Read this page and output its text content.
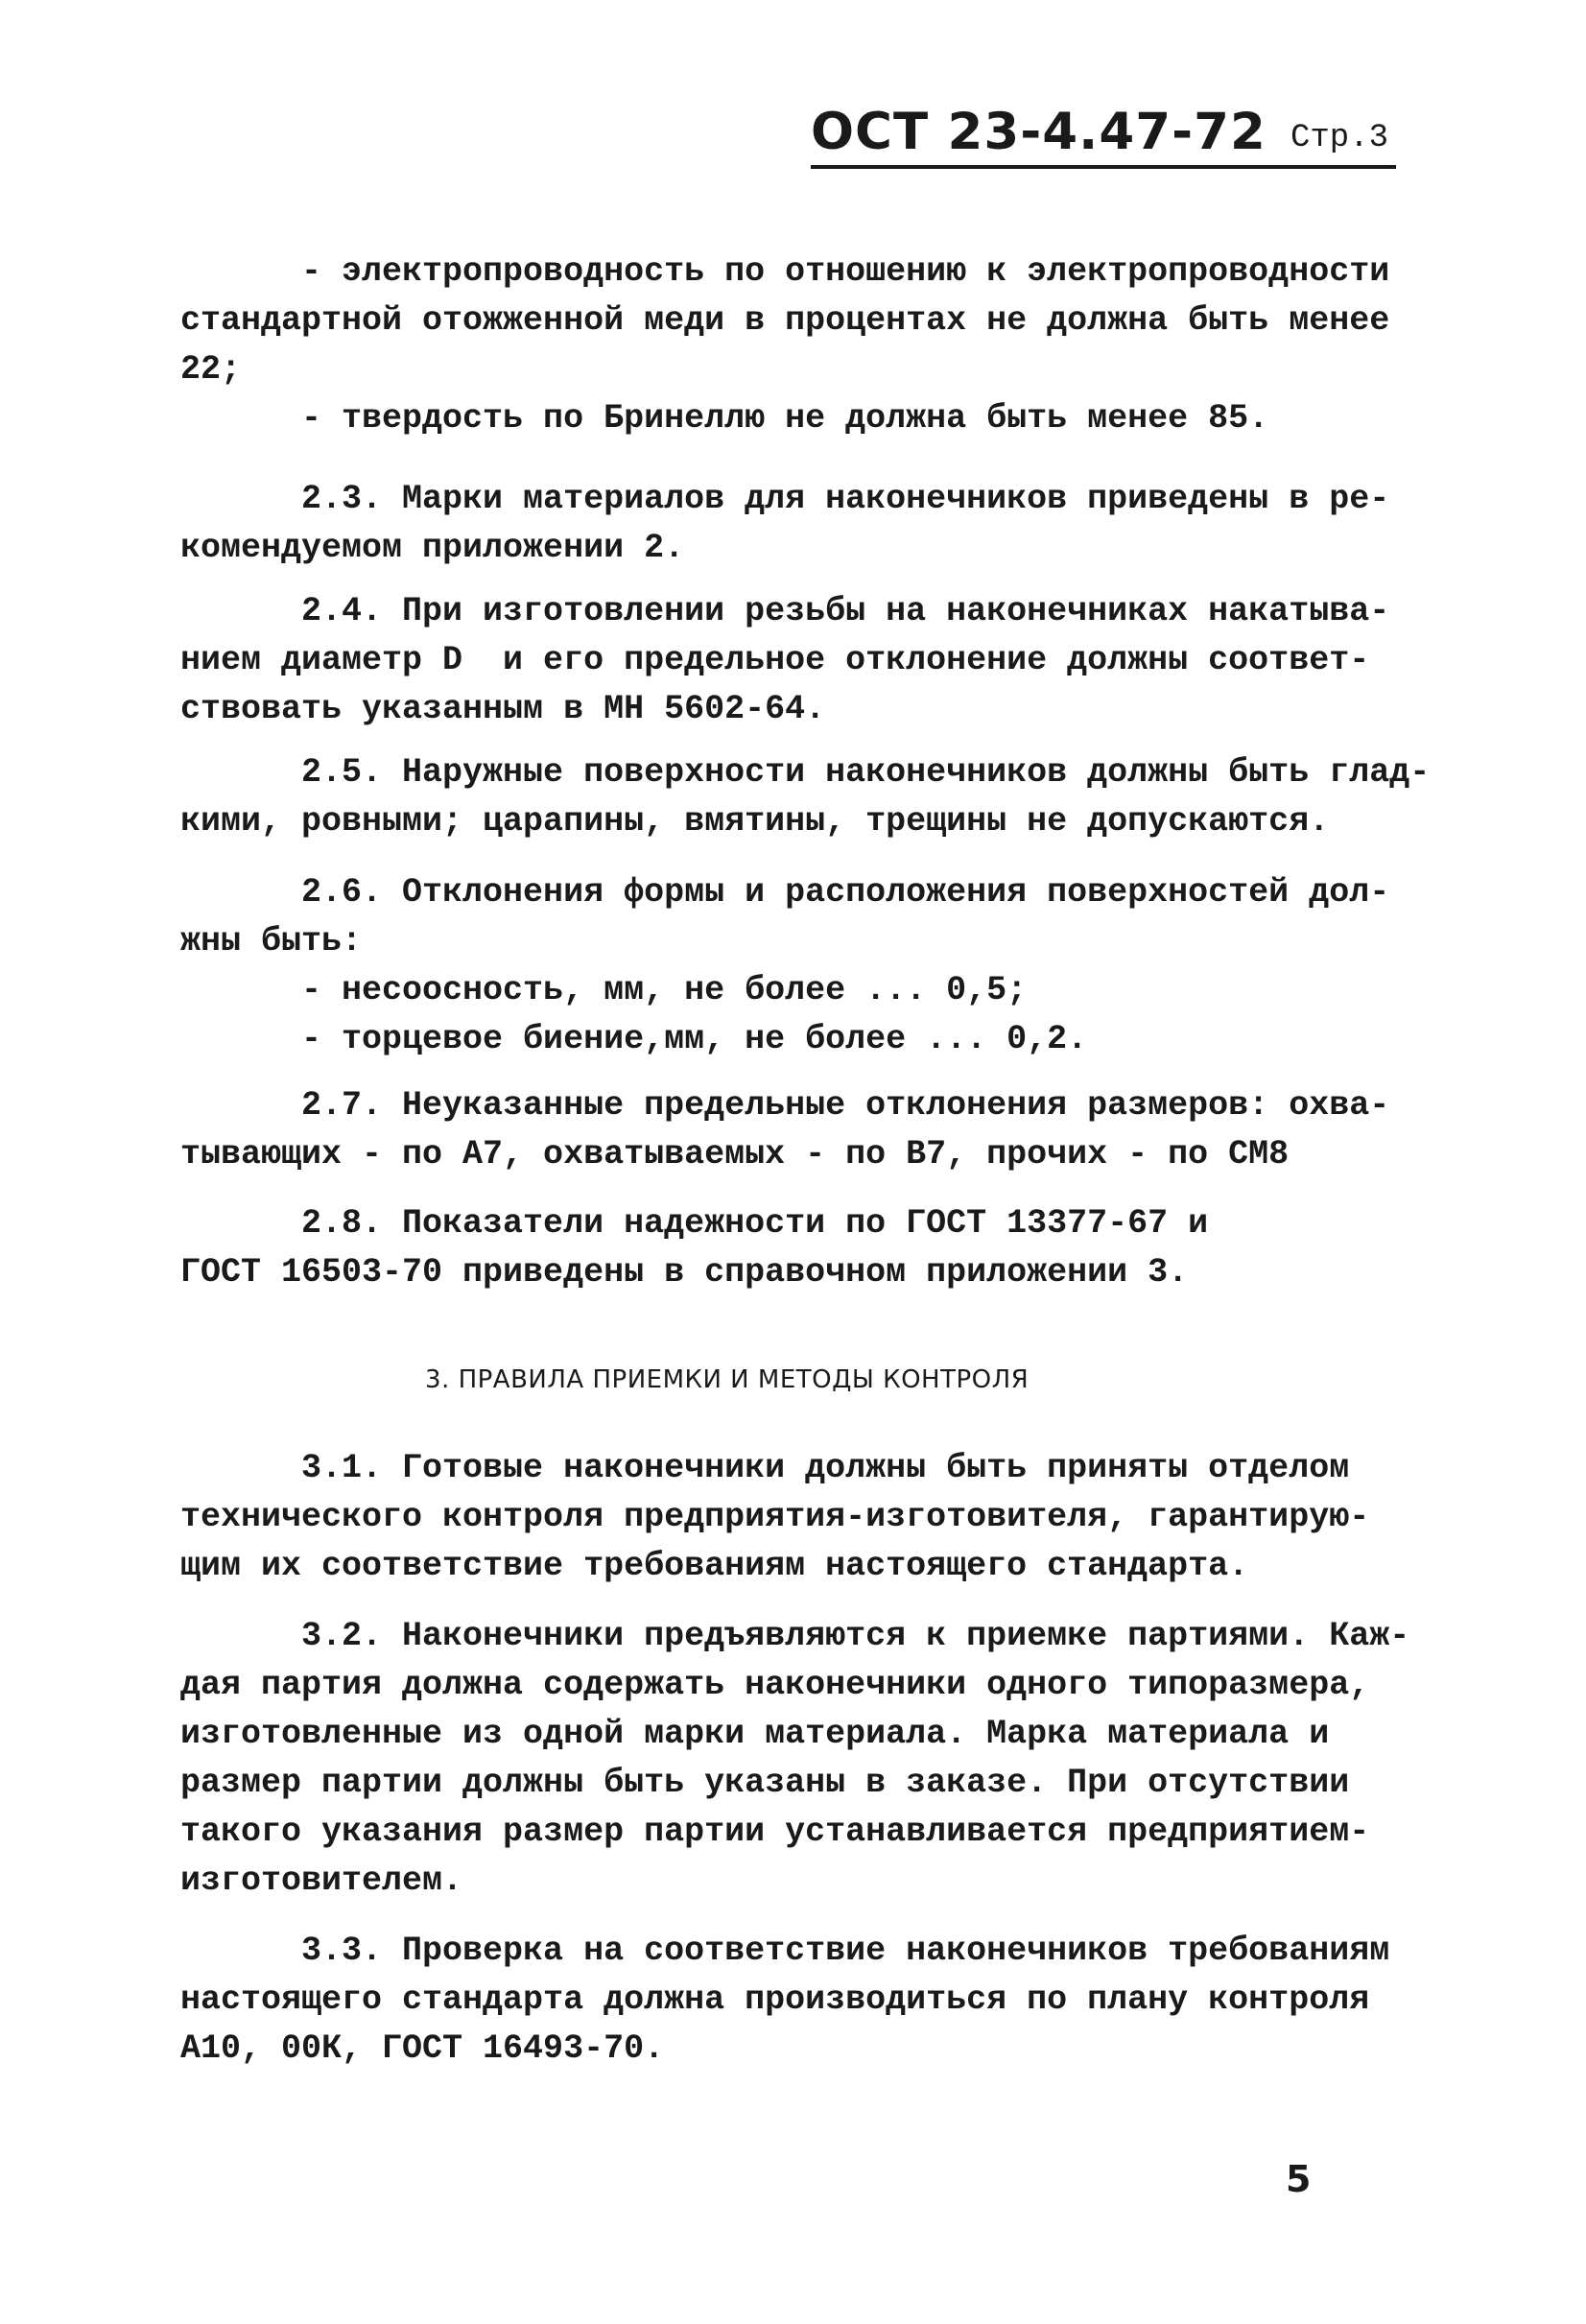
ОСТ 23-4.47-72 Стр.3
- электропроводность по отношению к электропроводности
стандартной отожженной меди в процентах не должна быть менее
22;
- твердость по Бринеллю не должна быть менее 85.
2.3. Марки материалов для наконечников приведены в ре-
комендуемом приложении 2.
2.4. При изготовлении резьбы на наконечниках накатыва-
нием диаметр D  и его предельное отклонение должны соответ-
ствовать указанным в МН 5602-64.
2.5. Наружные поверхности наконечников должны быть глад-
кими, ровными; царапины, вмятины, трещины не допускаются.
2.6. Отклонения формы и расположения поверхностей дол-
жны быть:
- несоосность, мм, не более ... 0,5;
- торцевое биение,мм, не более ... 0,2.
2.7. Неуказанные предельные отклонения размеров: охва-
тывающих - по А7, охватываемых - по В7, прочих - по СМ8
2.8. Показатели надежности по ГОСТ 13377-67 и
ГОСТ 16503-70 приведены в справочном приложении 3.
3. ПРАВИЛА ПРИЕМКИ И МЕТОДЫ КОНТРОЛЯ
3.1. Готовые наконечники должны быть приняты отделом
технического контроля предприятия-изготовителя, гарантирую-
щим их соответствие требованиям настоящего стандарта.
3.2. Наконечники предъявляются к приемке партиями. Каж-
дая партия должна содержать наконечники одного типоразмера,
изготовленные из одной марки материала. Марка материала и
размер партии должны быть указаны в заказе. При отсутствии
такого указания размер партии устанавливается предприятием-
изготовителем.
3.3. Проверка на соответствие наконечников требованиям
настоящего стандарта должна производиться по плану контроля
А10, 00К, ГОСТ 16493-70.
5
